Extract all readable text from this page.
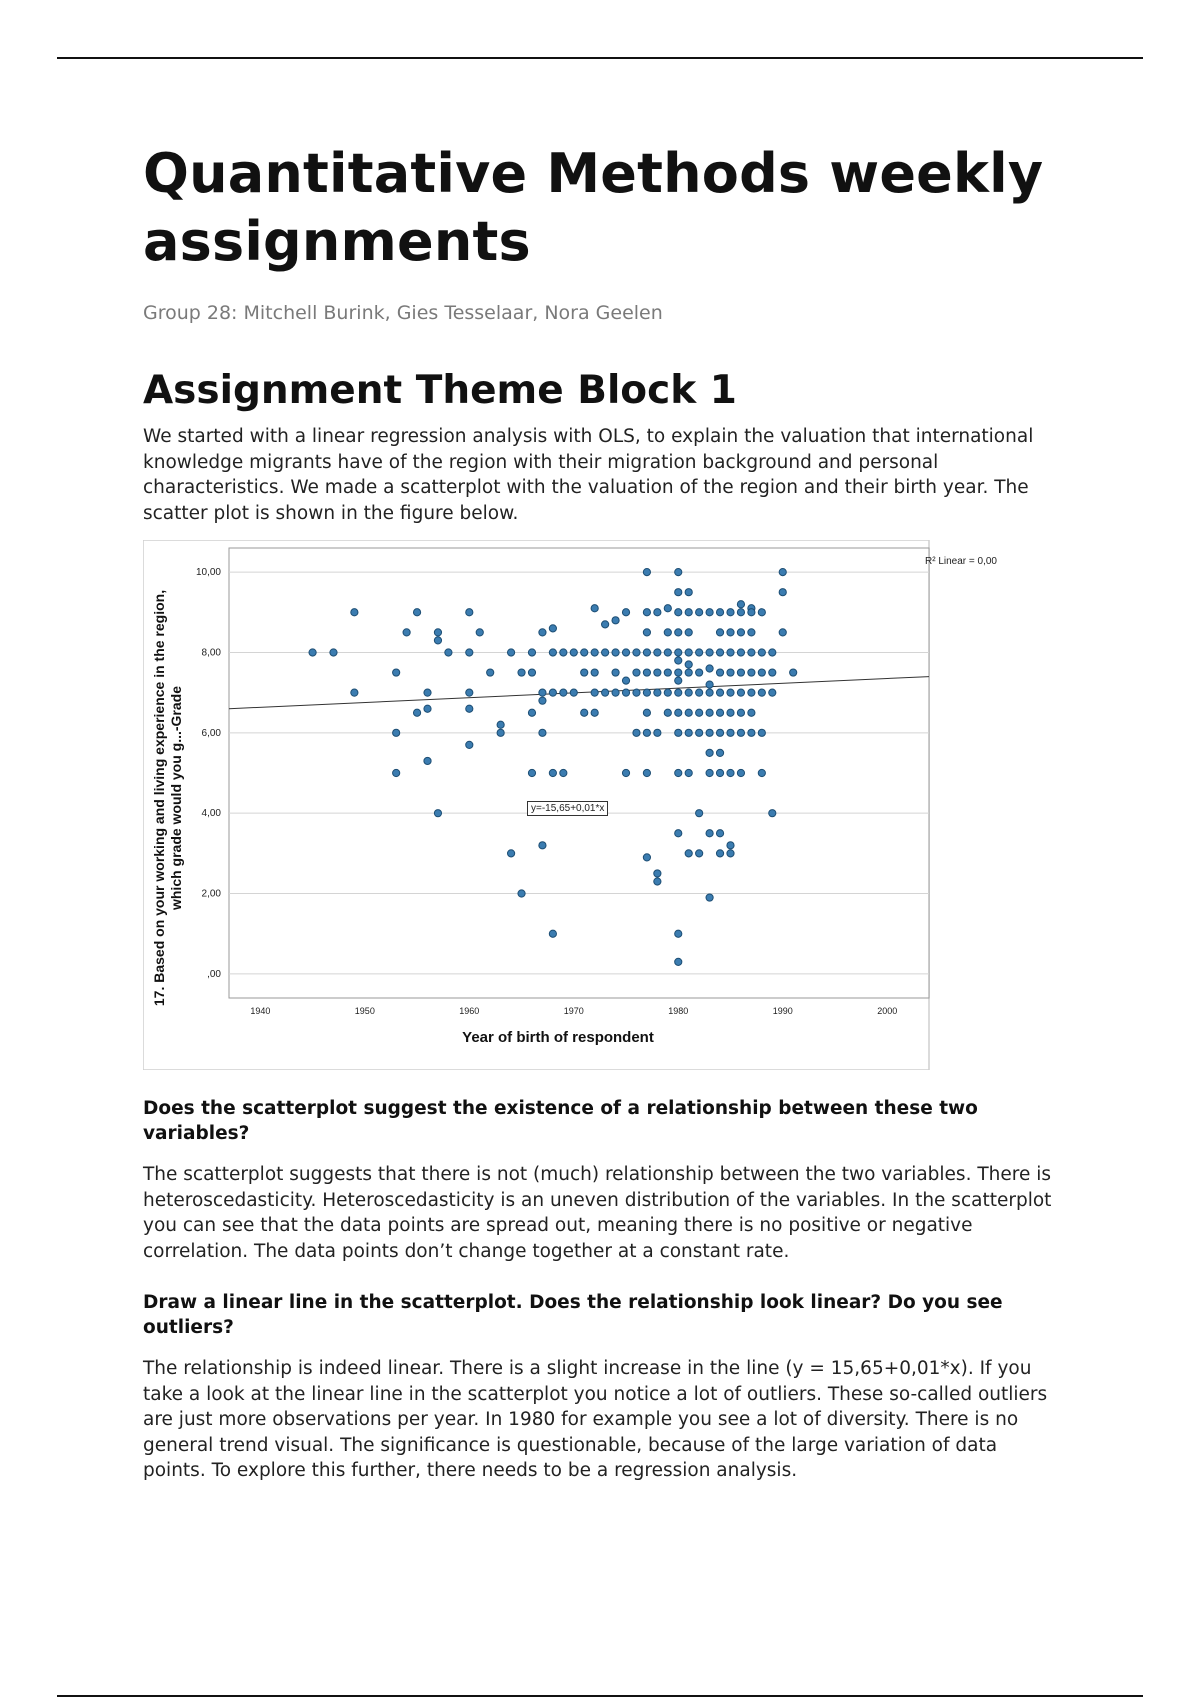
Quantitative Methods weekly assignments
Group 28: Mitchell Burink, Gies Tesselaar, Nora Geelen
Assignment Theme Block 1

We started with a linear regression analysis with OLS, to explain the valuation that international knowledge migrants have of the region with their migration background and personal characteristics. We made a scatterplot with the valuation of the region and their birth year. The scatter plot is shown in the figure below.

,00
2,00
4,00
6,00
8,00
10,00
1940	1950	1960	1970	1980	1990	2000
17. Based on your working and living experience in the region, which grade would you g...-Grade
Year of birth of respondent
R² Linear = 0,00
y=-15,65+0,01*x
Does the scatterplot suggest the existence of a relationship between these two variables?

The scatterplot suggests that there is not (much) relationship between the two variables. There is heteroscedasticity. Heteroscedasticity is an uneven distribution of the variables. In the scatterplot you can see that the data points are spread out, meaning there is no positive or negative correlation. The data points don’t change together at a constant rate.

Draw a linear line in the scatterplot. Does the relationship look linear? Do you see outliers?

The relationship is indeed linear. There is a slight increase in the line (y = 15,65+0,01*x). If you take a look at the linear line in the scatterplot you notice a lot of outliers. These so-called outliers are just more observations per year. In 1980 for example you see a lot of diversity. There is no general trend visual. The significance is questionable, because of the large variation of data points. To explore this further, there needs to be a regression analysis.
